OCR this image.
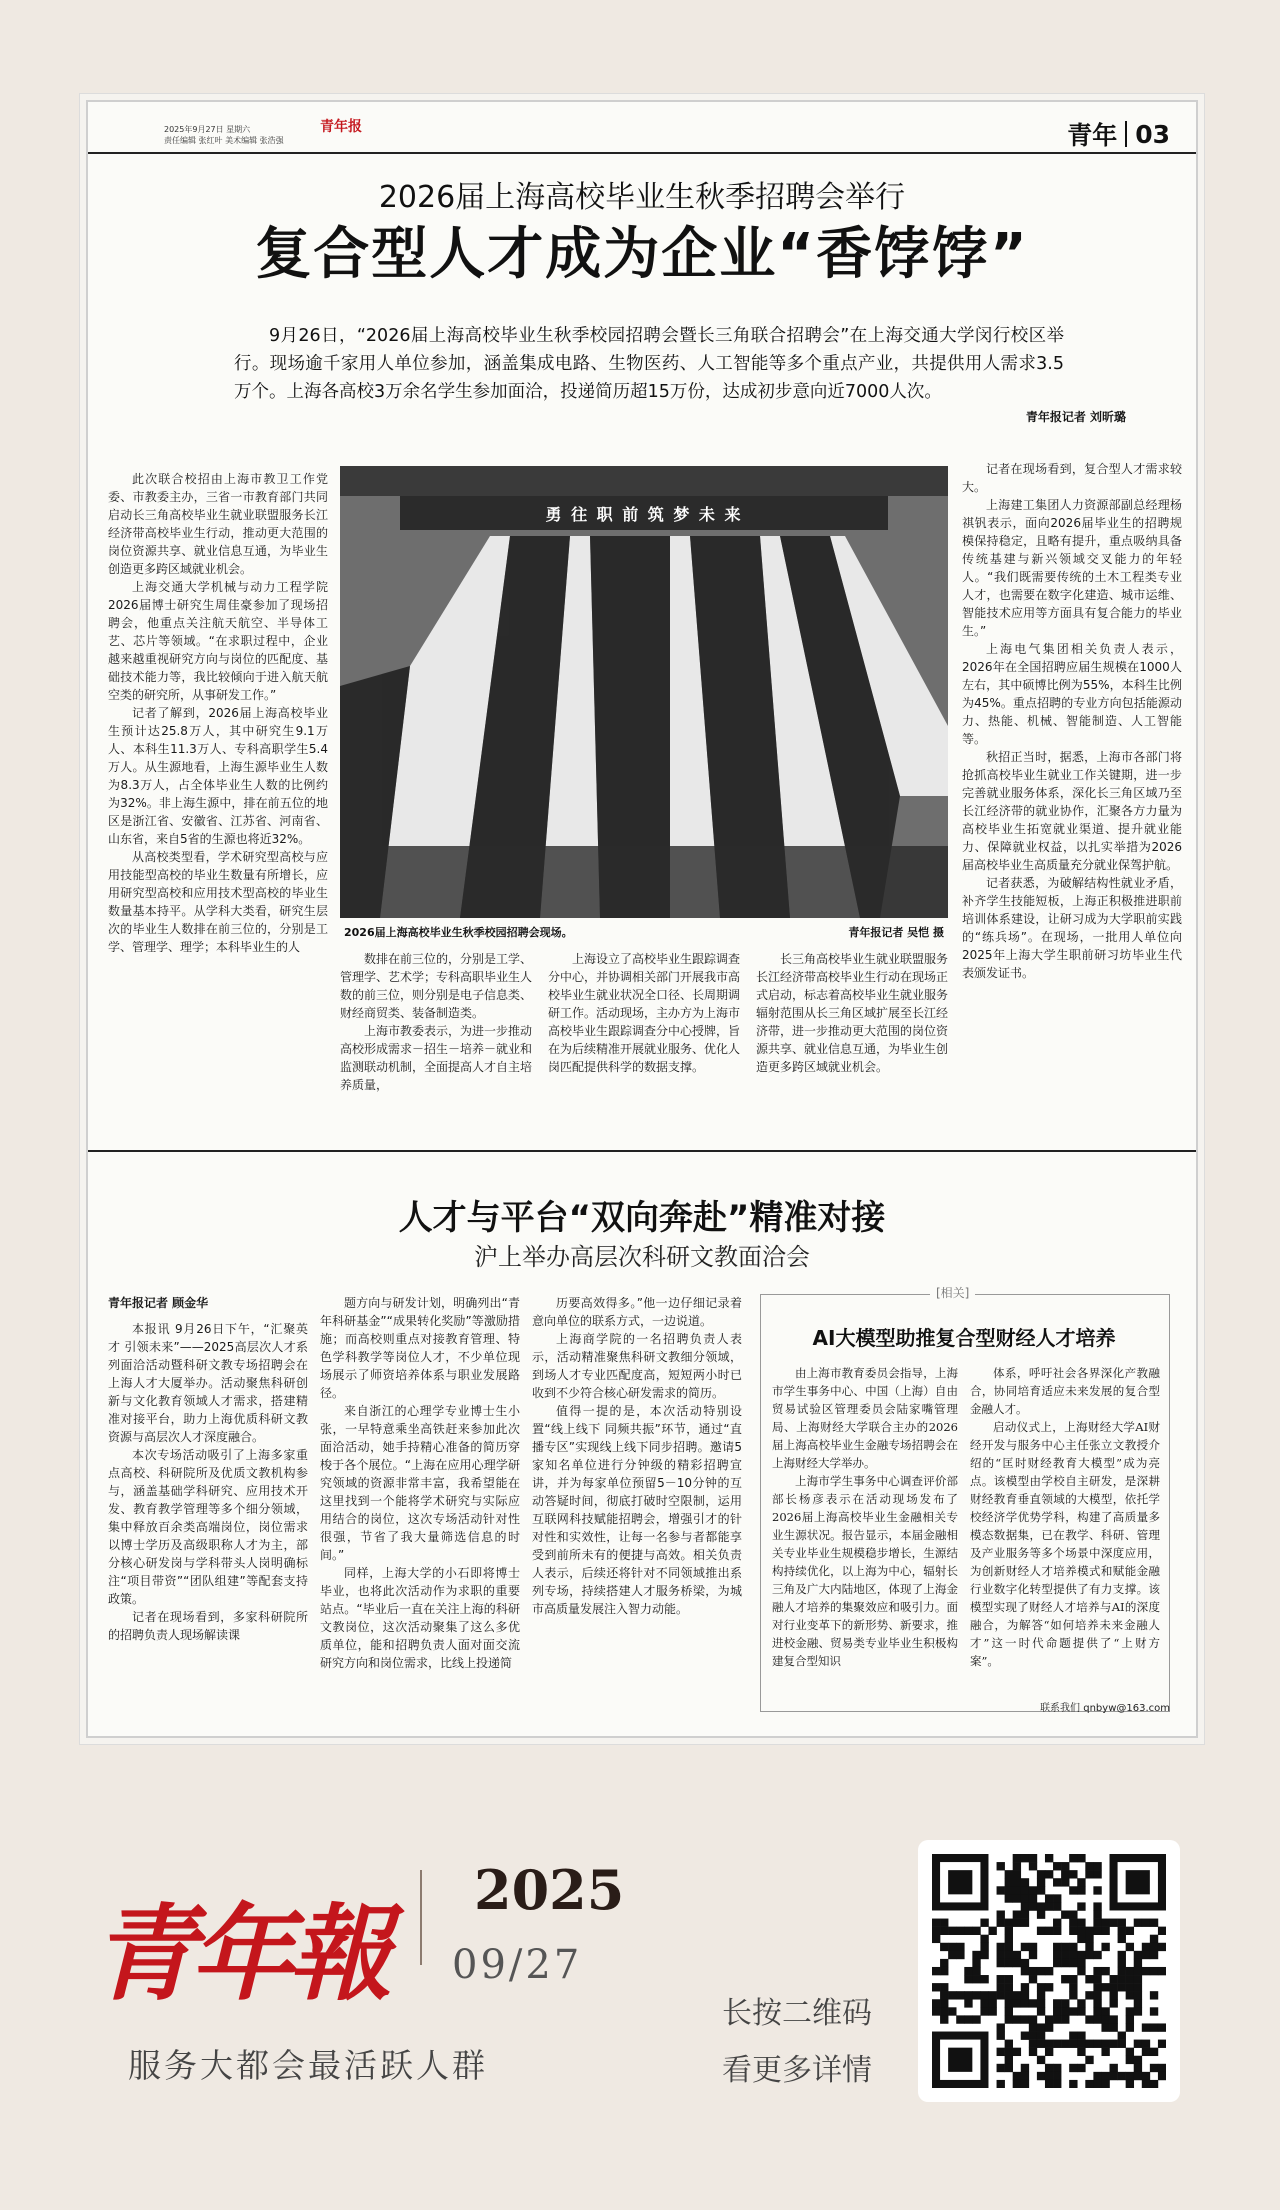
2025年9月27日 星期六
责任编辑 张红叶 美术编辑 张浩强
青年报	青年 03
2026届上海高校毕业生秋季招聘会举行
复合型人才成为企业“香饽饽”
9月26日，“2026届上海高校毕业生秋季校园招聘会暨长三角联合招聘会”在上海交通大学闵行校区举行。现场逾千家用人单位参加，涵盖集成电路、生物医药、人工智能等多个重点产业，共提供用人需求3.5万个。上海各高校3万余名学生参加面洽，投递简历超15万份，达成初步意向近7000人次。
青年报记者 刘昕璐

此次联合校招由上海市教卫工作党委、市教委主办，三省一市教育部门共同启动长三角高校毕业生就业联盟服务长江经济带高校毕业生行动，推动更大范围的岗位资源共享、就业信息互通，为毕业生创造更多跨区域就业机会。

上海交通大学机械与动力工程学院2026届博士研究生周佳豪参加了现场招聘会，他重点关注航天航空、半导体工艺、芯片等领域。“在求职过程中，企业越来越重视研究方向与岗位的匹配度、基础技术能力等，我比较倾向于进入航天航空类的研究所，从事研发工作。”

记者了解到，2026届上海高校毕业生预计达25.8万人，其中研究生9.1万人、本科生11.3万人、专科高职学生5.4万人。从生源地看，上海生源毕业生人数为8.3万人，占全体毕业生人数的比例约为32%。非上海生源中，排在前五位的地区是浙江省、安徽省、江苏省、河南省、山东省，来自5省的生源也将近32%。

从高校类型看，学术研究型高校与应用技能型高校的毕业生数量有所增长，应用研究型高校和应用技术型高校的毕业生数量基本持平。从学科大类看，研究生层次的毕业生人数排在前三位的，分别是工学、管理学、理学；本科毕业生的人

勇 往 职 前 筑 梦 未 来
2026届上海高校毕业生秋季校园招聘会现场。	青年报记者 吴恺 摄

数排在前三位的，分别是工学、管理学、艺术学；专科高职毕业生人数的前三位，则分别是电子信息类、财经商贸类、装备制造类。

上海市教委表示，为进一步推动高校形成需求－招生－培养－就业和监测联动机制，全面提高人才自主培养质量，

上海设立了高校毕业生跟踪调查分中心，并协调相关部门开展我市高校毕业生就业状况全口径、长周期调研工作。活动现场，主办方为上海市高校毕业生跟踪调查分中心授牌，旨在为后续精准开展就业服务、优化人岗匹配提供科学的数据支撑。

长三角高校毕业生就业联盟服务长江经济带高校毕业生行动在现场正式启动，标志着高校毕业生就业服务辐射范围从长三角区域扩展至长江经济带，进一步推动更大范围的岗位资源共享、就业信息互通，为毕业生创造更多跨区域就业机会。

记者在现场看到，复合型人才需求较大。

上海建工集团人力资源部副总经理杨祺钒表示，面向2026届毕业生的招聘规模保持稳定，且略有提升，重点吸纳具备传统基建与新兴领域交叉能力的年轻人。“我们既需要传统的土木工程类专业人才，也需要在数字化建造、城市运维、智能技术应用等方面具有复合能力的毕业生。”

上海电气集团相关负责人表示，2026年在全国招聘应届生规模在1000人左右，其中硕博比例为55%，本科生比例为45%。重点招聘的专业方向包括能源动力、热能、机械、智能制造、人工智能等。

秋招正当时，据悉，上海市各部门将抢抓高校毕业生就业工作关键期，进一步完善就业服务体系，深化长三角区域乃至长江经济带的就业协作，汇聚各方力量为高校毕业生拓宽就业渠道、提升就业能力、保障就业权益，以扎实举措为2026届高校毕业生高质量充分就业保驾护航。

记者获悉，为破解结构性就业矛盾，补齐学生技能短板，上海正积极推进职前培训体系建设，让研习成为大学职前实践的“练兵场”。在现场，一批用人单位向2025年上海大学生职前研习坊毕业生代表颁发证书。

人才与平台“双向奔赴”精准对接
沪上举办高层次科研文教面洽会

青年报记者 顾金华

本报讯 9月26日下午，“汇聚英才 引领未来”——2025高层次人才系列面洽活动暨科研文教专场招聘会在上海人才大厦举办。活动聚焦科研创新与文化教育领域人才需求，搭建精准对接平台，助力上海优质科研文教资源与高层次人才深度融合。

本次专场活动吸引了上海多家重点高校、科研院所及优质文教机构参与，涵盖基础学科研究、应用技术开发、教育教学管理等多个细分领域，集中释放百余类高端岗位，岗位需求以博士学历及高级职称人才为主，部分核心研发岗与学科带头人岗明确标注“项目带资”“团队组建”等配套支持政策。

记者在现场看到，多家科研院所的招聘负责人现场解读课

题方向与研发计划，明确列出“青年科研基金”“成果转化奖励”等激励措施；而高校则重点对接教育管理、特色学科教学等岗位人才，不少单位现场展示了师资培养体系与职业发展路径。

来自浙江的心理学专业博士生小张，一早特意乘坐高铁赶来参加此次面洽活动，她手持精心准备的简历穿梭于各个展位。“上海在应用心理学研究领域的资源非常丰富，我希望能在这里找到一个能将学术研究与实际应用结合的岗位，这次专场活动针对性很强，节省了我大量筛选信息的时间。”

同样，上海大学的小石即将博士毕业，也将此次活动作为求职的重要站点。“毕业后一直在关注上海的科研文教岗位，这次活动聚集了这么多优质单位，能和招聘负责人面对面交流研究方向和岗位需求，比线上投递简

历要高效得多。”他一边仔细记录着意向单位的联系方式，一边说道。

上海商学院的一名招聘负责人表示，活动精准聚焦科研文教细分领域，到场人才专业匹配度高，短短两小时已收到不少符合核心研发需求的简历。

值得一提的是，本次活动特别设置“线上线下 同频共振”环节，通过“直播专区”实现线上线下同步招聘。邀请5家知名单位进行分钟级的精彩招聘宣讲，并为每家单位预留5－10分钟的互动答疑时间，彻底打破时空限制，运用互联网科技赋能招聘会，增强引才的针对性和实效性，让每一名参与者都能享受到前所未有的便捷与高效。相关负责人表示，后续还将针对不同领域推出系列专场，持续搭建人才服务桥梁，为城市高质量发展注入智力动能。

[相关]
AI大模型助推复合型财经人才培养

由上海市教育委员会指导，上海市学生事务中心、中国（上海）自由贸易试验区管理委员会陆家嘴管理局、上海财经大学联合主办的2026届上海高校毕业生金融专场招聘会在上海财经大学举办。

上海市学生事务中心调查评价部部长杨彦表示在活动现场发布了2026届上海高校毕业生金融相关专业生源状况。报告显示，本届金融相关专业毕业生规模稳步增长，生源结构持续优化，以上海为中心，辐射长三角及广大内陆地区，体现了上海金融人才培养的集聚效应和吸引力。面对行业变革下的新形势、新要求，推进校金融、贸易类专业毕业生积极构建复合型知识

体系，呼吁社会各界深化产教融合，协同培育适应未来发展的复合型金融人才。

启动仪式上，上海财经大学AI财经开发与服务中心主任张立文教授介绍的“匡时财经教育大模型”成为亮点。该模型由学校自主研发，是深耕财经教育垂直领域的大模型，依托学校经济学优势学科，构建了高质量多模态数据集，已在教学、科研、管理及产业服务等多个场景中深度应用，为创新财经人才培养模式和赋能金融行业数字化转型提供了有力支撑。该模型实现了财经人才培养与AI的深度融合，为解答“如何培养未来金融人才”这一时代命题提供了“上财方案”。

联系我们 qnbyw@163.com
青年報
2025
09/27
服务大都会最活跃人群
长按二维码
看更多详情
